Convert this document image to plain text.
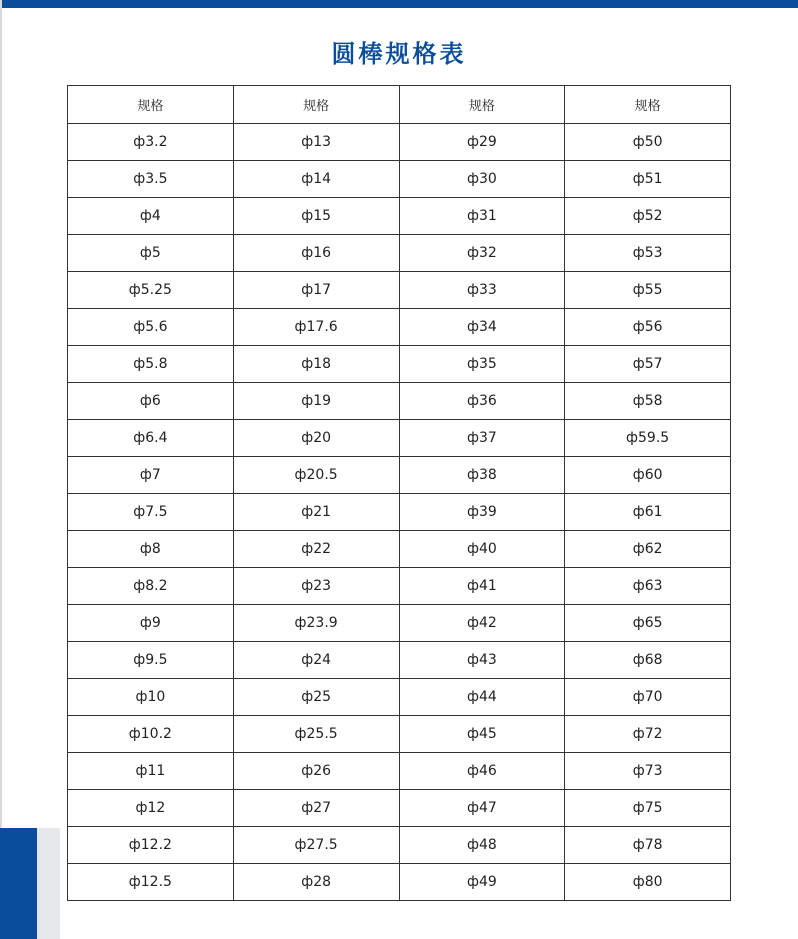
圆棒规格表
规格	规格	规格	规格
ф3.2	ф13	ф29	ф50
ф3.5	ф14	ф30	ф51
ф4	ф15	ф31	ф52
ф5	ф16	ф32	ф53
ф5.25	ф17	ф33	ф55
ф5.6	ф17.6	ф34	ф56
ф5.8	ф18	ф35	ф57
ф6	ф19	ф36	ф58
ф6.4	ф20	ф37	ф59.5
ф7	ф20.5	ф38	ф60
ф7.5	ф21	ф39	ф61
ф8	ф22	ф40	ф62
ф8.2	ф23	ф41	ф63
ф9	ф23.9	ф42	ф65
ф9.5	ф24	ф43	ф68
ф10	ф25	ф44	ф70
ф10.2	ф25.5	ф45	ф72
ф11	ф26	ф46	ф73
ф12	ф27	ф47	ф75
ф12.2	ф27.5	ф48	ф78
ф12.5	ф28	ф49	ф80
